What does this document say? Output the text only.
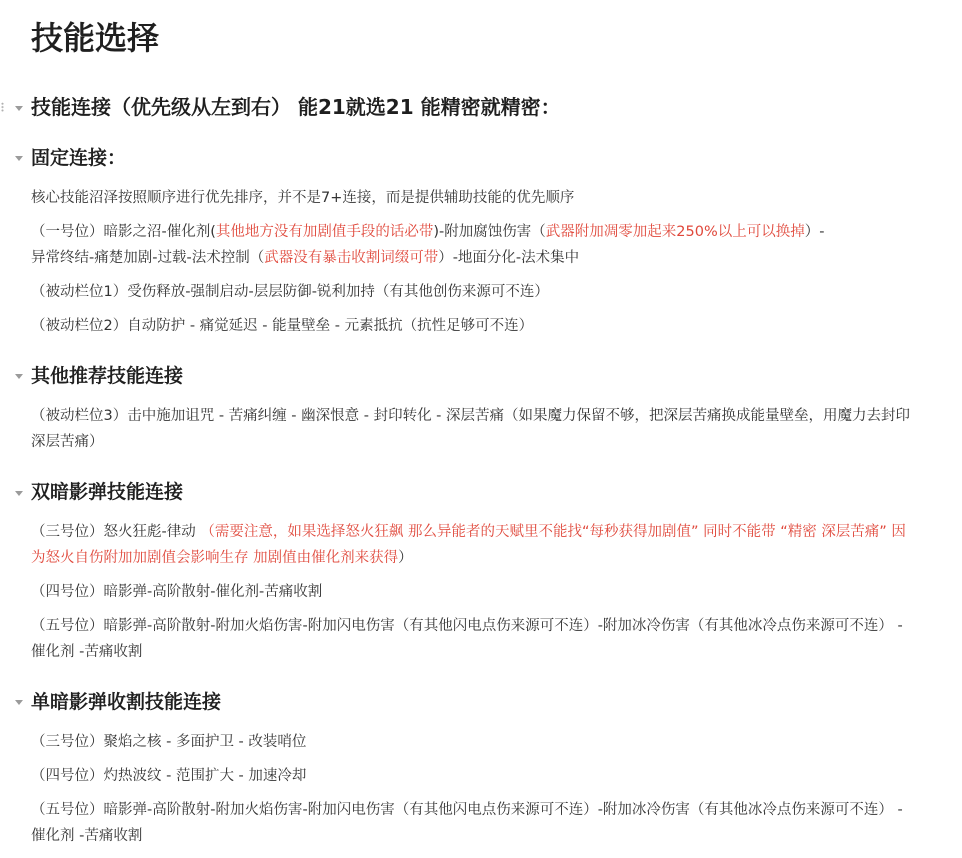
技能选择
技能连接（优先级从左到右） 能21就选21 能精密就精密：
固定连接：
核心技能沼泽按照顺序进行优先排序，并不是7+连接，而是提供辅助技能的优先顺序
（一号位）暗影之沼-催化剂(其他地方没有加剧值手段的话必带)-附加腐蚀伤害（武器附加凋零加起来250%以上可以换掉）-
异常终结-痛楚加剧-过载-法术控制（武器没有暴击收割词缀可带）-地面分化-法术集中
（被动栏位1）受伤释放-强制启动-层层防御-锐利加持（有其他创伤来源可不连）
（被动栏位2）自动防护 - 痛觉延迟 - 能量壁垒 - 元素抵抗（抗性足够可不连）
其他推荐技能连接
（被动栏位3）击中施加诅咒 - 苦痛纠缠 - 幽深恨意 - 封印转化 - 深层苦痛（如果魔力保留不够，把深层苦痛换成能量壁垒，用魔力去封印深层苦痛）
双暗影弹技能连接
（三号位）怒火狂彪-律动 （需要注意，如果选择怒火狂飙 那么异能者的天赋里不能找“每秒获得加剧值” 同时不能带 “精密 深层苦痛” 因为怒火自伤附加加剧值会影响生存 加剧值由催化剂来获得）
（四号位）暗影弹-高阶散射-催化剂-苦痛收割
（五号位）暗影弹-高阶散射-附加火焰伤害-附加闪电伤害（有其他闪电点伤来源可不连）-附加冰冷伤害（有其他冰冷点伤来源可不连） -催化剂 -苦痛收割
单暗影弹收割技能连接
（三号位）聚焰之核 - 多面护卫 - 改装哨位
（四号位）灼热波纹 - 范围扩大 - 加速冷却
（五号位）暗影弹-高阶散射-附加火焰伤害-附加闪电伤害（有其他闪电点伤来源可不连）-附加冰冷伤害（有其他冰冷点伤来源可不连） -催化剂 -苦痛收割
